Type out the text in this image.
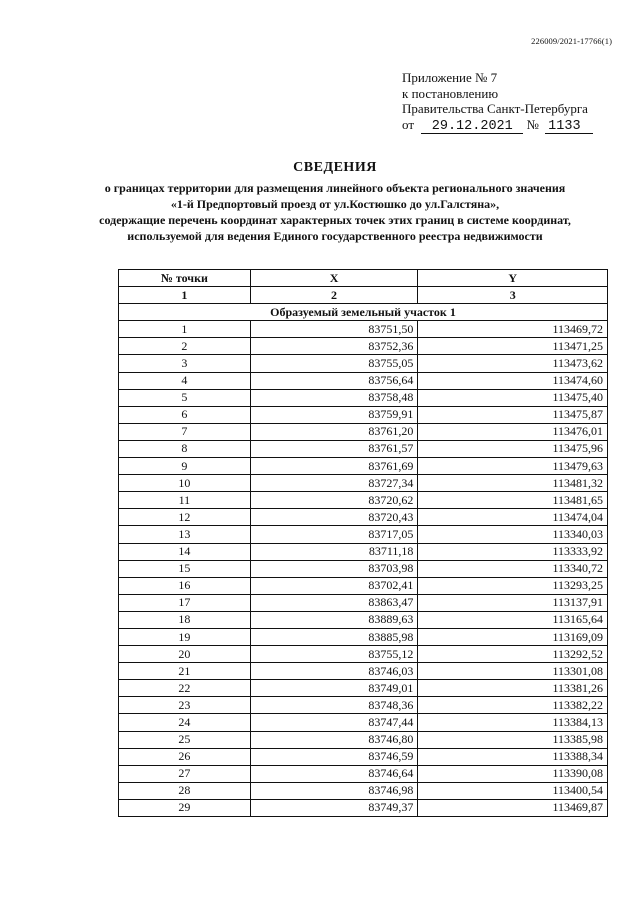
226009/2021-17766(1)
Приложение № 7
к постановлению
Правительства Санкт-Петербурга
от 29.12.2021 № 1133
СВЕДЕНИЯ
о границах территории для размещения линейного объекта регионального значения
«1-й Предпортовый проезд от ул.Костюшко до ул.Галстяна»,
содержащие перечень координат характерных точек этих границ в системе координат,
используемой для ведения Единого государственного реестра недвижимости
№ точки	X	Y
1	2	3
Образуемый земельный участок 1		
1	83751,50	113469,72
2	83752,36	113471,25
3	83755,05	113473,62
4	83756,64	113474,60
5	83758,48	113475,40
6	83759,91	113475,87
7	83761,20	113476,01
8	83761,57	113475,96
9	83761,69	113479,63
10	83727,34	113481,32
11	83720,62	113481,65
12	83720,43	113474,04
13	83717,05	113340,03
14	83711,18	113333,92
15	83703,98	113340,72
16	83702,41	113293,25
17	83863,47	113137,91
18	83889,63	113165,64
19	83885,98	113169,09
20	83755,12	113292,52
21	83746,03	113301,08
22	83749,01	113381,26
23	83748,36	113382,22
24	83747,44	113384,13
25	83746,80	113385,98
26	83746,59	113388,34
27	83746,64	113390,08
28	83746,98	113400,54
29	83749,37	113469,87
